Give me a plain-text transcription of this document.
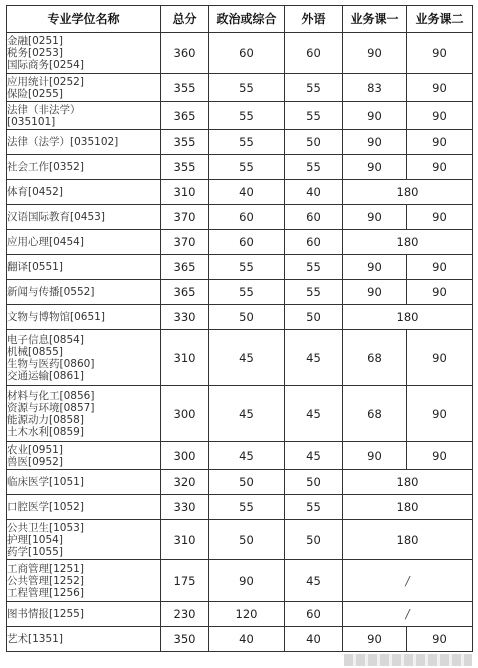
专业学位名称	总分	政治或综合	外语	业务课一	业务课二

金融[0251]
税务[0253]
国际商务[0254]	360	60	60	90	90

应用统计[0252]
保险[0255]	355	55	55	83	90

法律（非法学）
[035101]	365	55	55	90	90

法律（法学）[035102]	355	55	50	90	90

社会工作[0352]	355	55	55	90	90

体育[0452]	310	40	40	180	

汉语国际教育[0453]	370	60	60	90	90

应用心理[0454]	370	60	60	180	

翻译[0551]	365	55	55	90	90

新闻与传播[0552]	365	55	55	90	90

文物与博物馆[0651]	330	50	50	180	

电子信息[0854]
机械[0855]
生物与医药[0860]
交通运输[0861]	310	45	45	68	90

材料与化工[0856]
资源与环境[0857]
能源动力[0858]
土木水利[0859]	300	45	45	68	90

农业[0951]
兽医[0952]	300	45	45	90	90

临床医学[1051]	320	50	50	180	

口腔医学[1052]	330	55	55	180	

公共卫生[1053]
护理[1054]
药学[1055]	310	50	50	180	

工商管理[1251]
公共管理[1252]
工程管理[1256]	175	90	45	/	

图书情报[1255]	230	120	60	/	

艺术[1351]	350	40	40	90	90
